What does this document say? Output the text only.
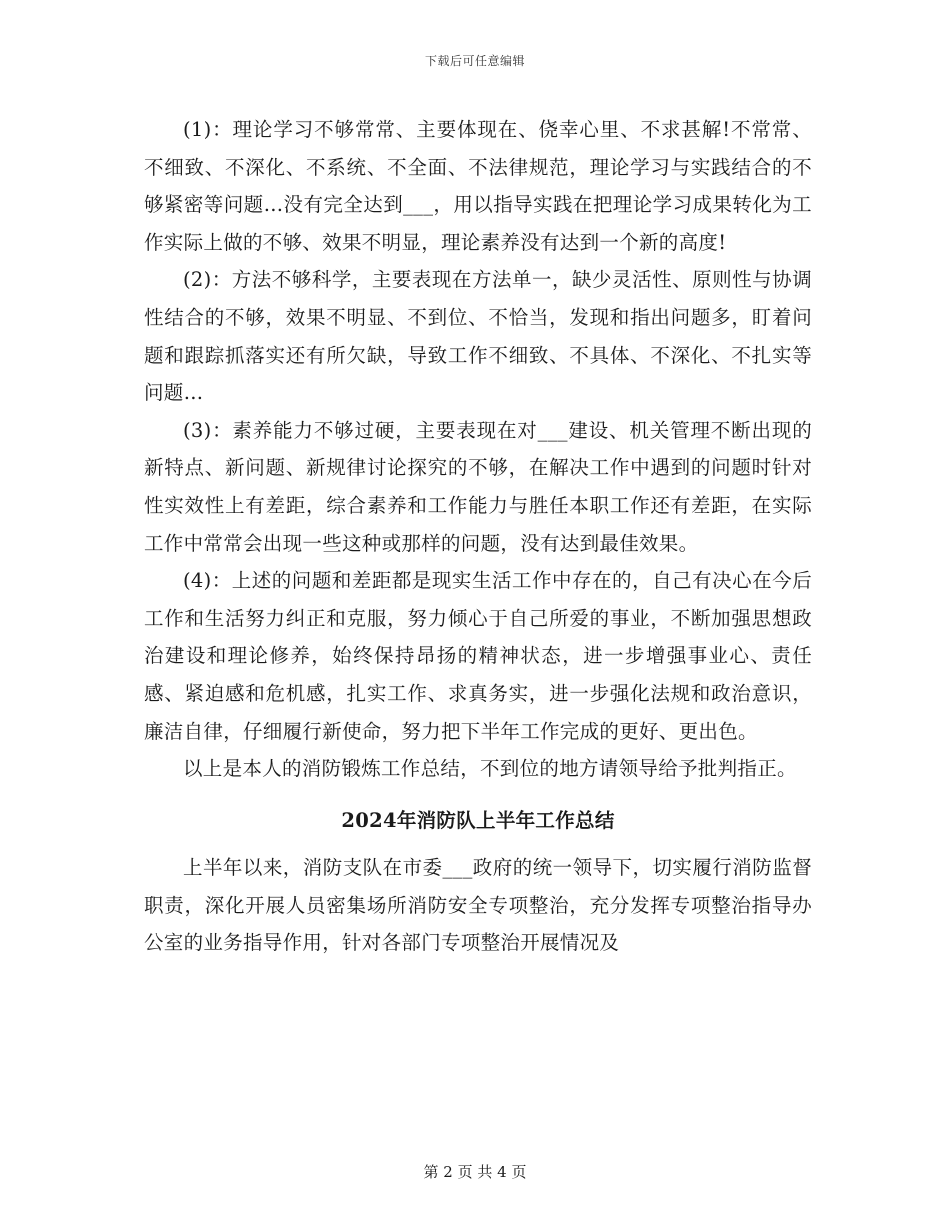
下载后可任意编辑

(1)：理论学习不够常常、主要体现在、侥幸心里、不求甚解!不常常、不细致、不深化、不系统、不全面、不法律规范，理论学习与实践结合的不够紧密等问题…没有完全达到___，用以指导实践在把理论学习成果转化为工作实际上做的不够、效果不明显，理论素养没有达到一个新的高度!

(2)：方法不够科学，主要表现在方法单一，缺少灵活性、原则性与协调性结合的不够，效果不明显、不到位、不恰当，发现和指出问题多，盯着问题和跟踪抓落实还有所欠缺，导致工作不细致、不具体、不深化、不扎实等问题…

(3)：素养能力不够过硬，主要表现在对___建设、机关管理不断出现的新特点、新问题、新规律讨论探究的不够，在解决工作中遇到的问题时针对性实效性上有差距，综合素养和工作能力与胜任本职工作还有差距，在实际工作中常常会出现一些这种或那样的问题，没有达到最佳效果。

(4)：上述的问题和差距都是现实生活工作中存在的，自己有决心在今后工作和生活努力纠正和克服，努力倾心于自己所爱的事业，不断加强思想政治建设和理论修养，始终保持昂扬的精神状态，进一步增强事业心、责任感、紧迫感和危机感，扎实工作、求真务实，进一步强化法规和政治意识，廉洁自律，仔细履行新使命，努力把下半年工作完成的更好、更出色。

以上是本人的消防锻炼工作总结，不到位的地方请领导给予批判指正。

2024年消防队上半年工作总结

上半年以来，消防支队在市委___政府的统一领导下，切实履行消防监督职责，深化开展人员密集场所消防安全专项整治，充分发挥专项整治指导办公室的业务指导作用，针对各部门专项整治开展情况及

第 2 页 共 4 页
